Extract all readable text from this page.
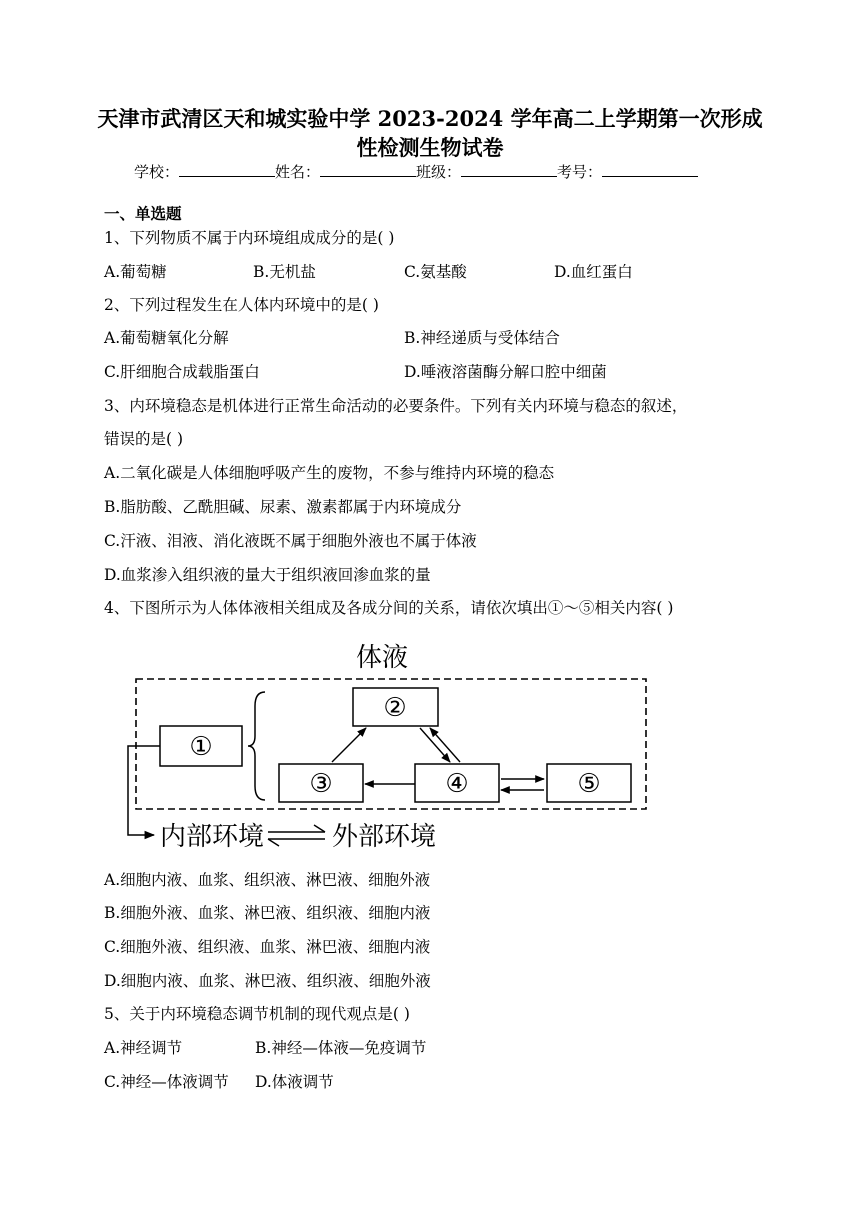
天津市武清区天和城实验中学 2023-2024 学年高二上学期第一次形成
性检测生物试卷
学校：	姓名：	班级：	考号：
一、单选题
1、下列物质不属于内环境组成成分的是( )
A.葡萄糖	B.无机盐	C.氨基酸	D.血红蛋白
2、下列过程发生在人体内环境中的是( )
A.葡萄糖氧化分解	B.神经递质与受体结合
C.肝细胞合成载脂蛋白	D.唾液溶菌酶分解口腔中细菌
3、内环境稳态是机体进行正常生命活动的必要条件。下列有关内环境与稳态的叙述，
错误的是( )
A.二氧化碳是人体细胞呼吸产生的废物，不参与维持内环境的稳态
B.脂肪酸、乙酰胆碱、尿素、激素都属于内环境成分
C.汗液、泪液、消化液既不属于细胞外液也不属于体液
D.血浆渗入组织液的量大于组织液回渗血浆的量
4、下图所示为人体体液相关组成及各成分间的关系，请依次填出①～⑤相关内容( )
体液
①
②
③	④	⑤
内部环境	外部环境
A.细胞内液、血浆、组织液、淋巴液、细胞外液
B.细胞外液、血浆、淋巴液、组织液、细胞内液
C.细胞外液、组织液、血浆、淋巴液、细胞内液
D.细胞内液、血浆、淋巴液、组织液、细胞外液
5、关于内环境稳态调节机制的现代观点是( )
A.神经调节	B.神经—体液—免疫调节
C.神经—体液调节 D.体液调节
